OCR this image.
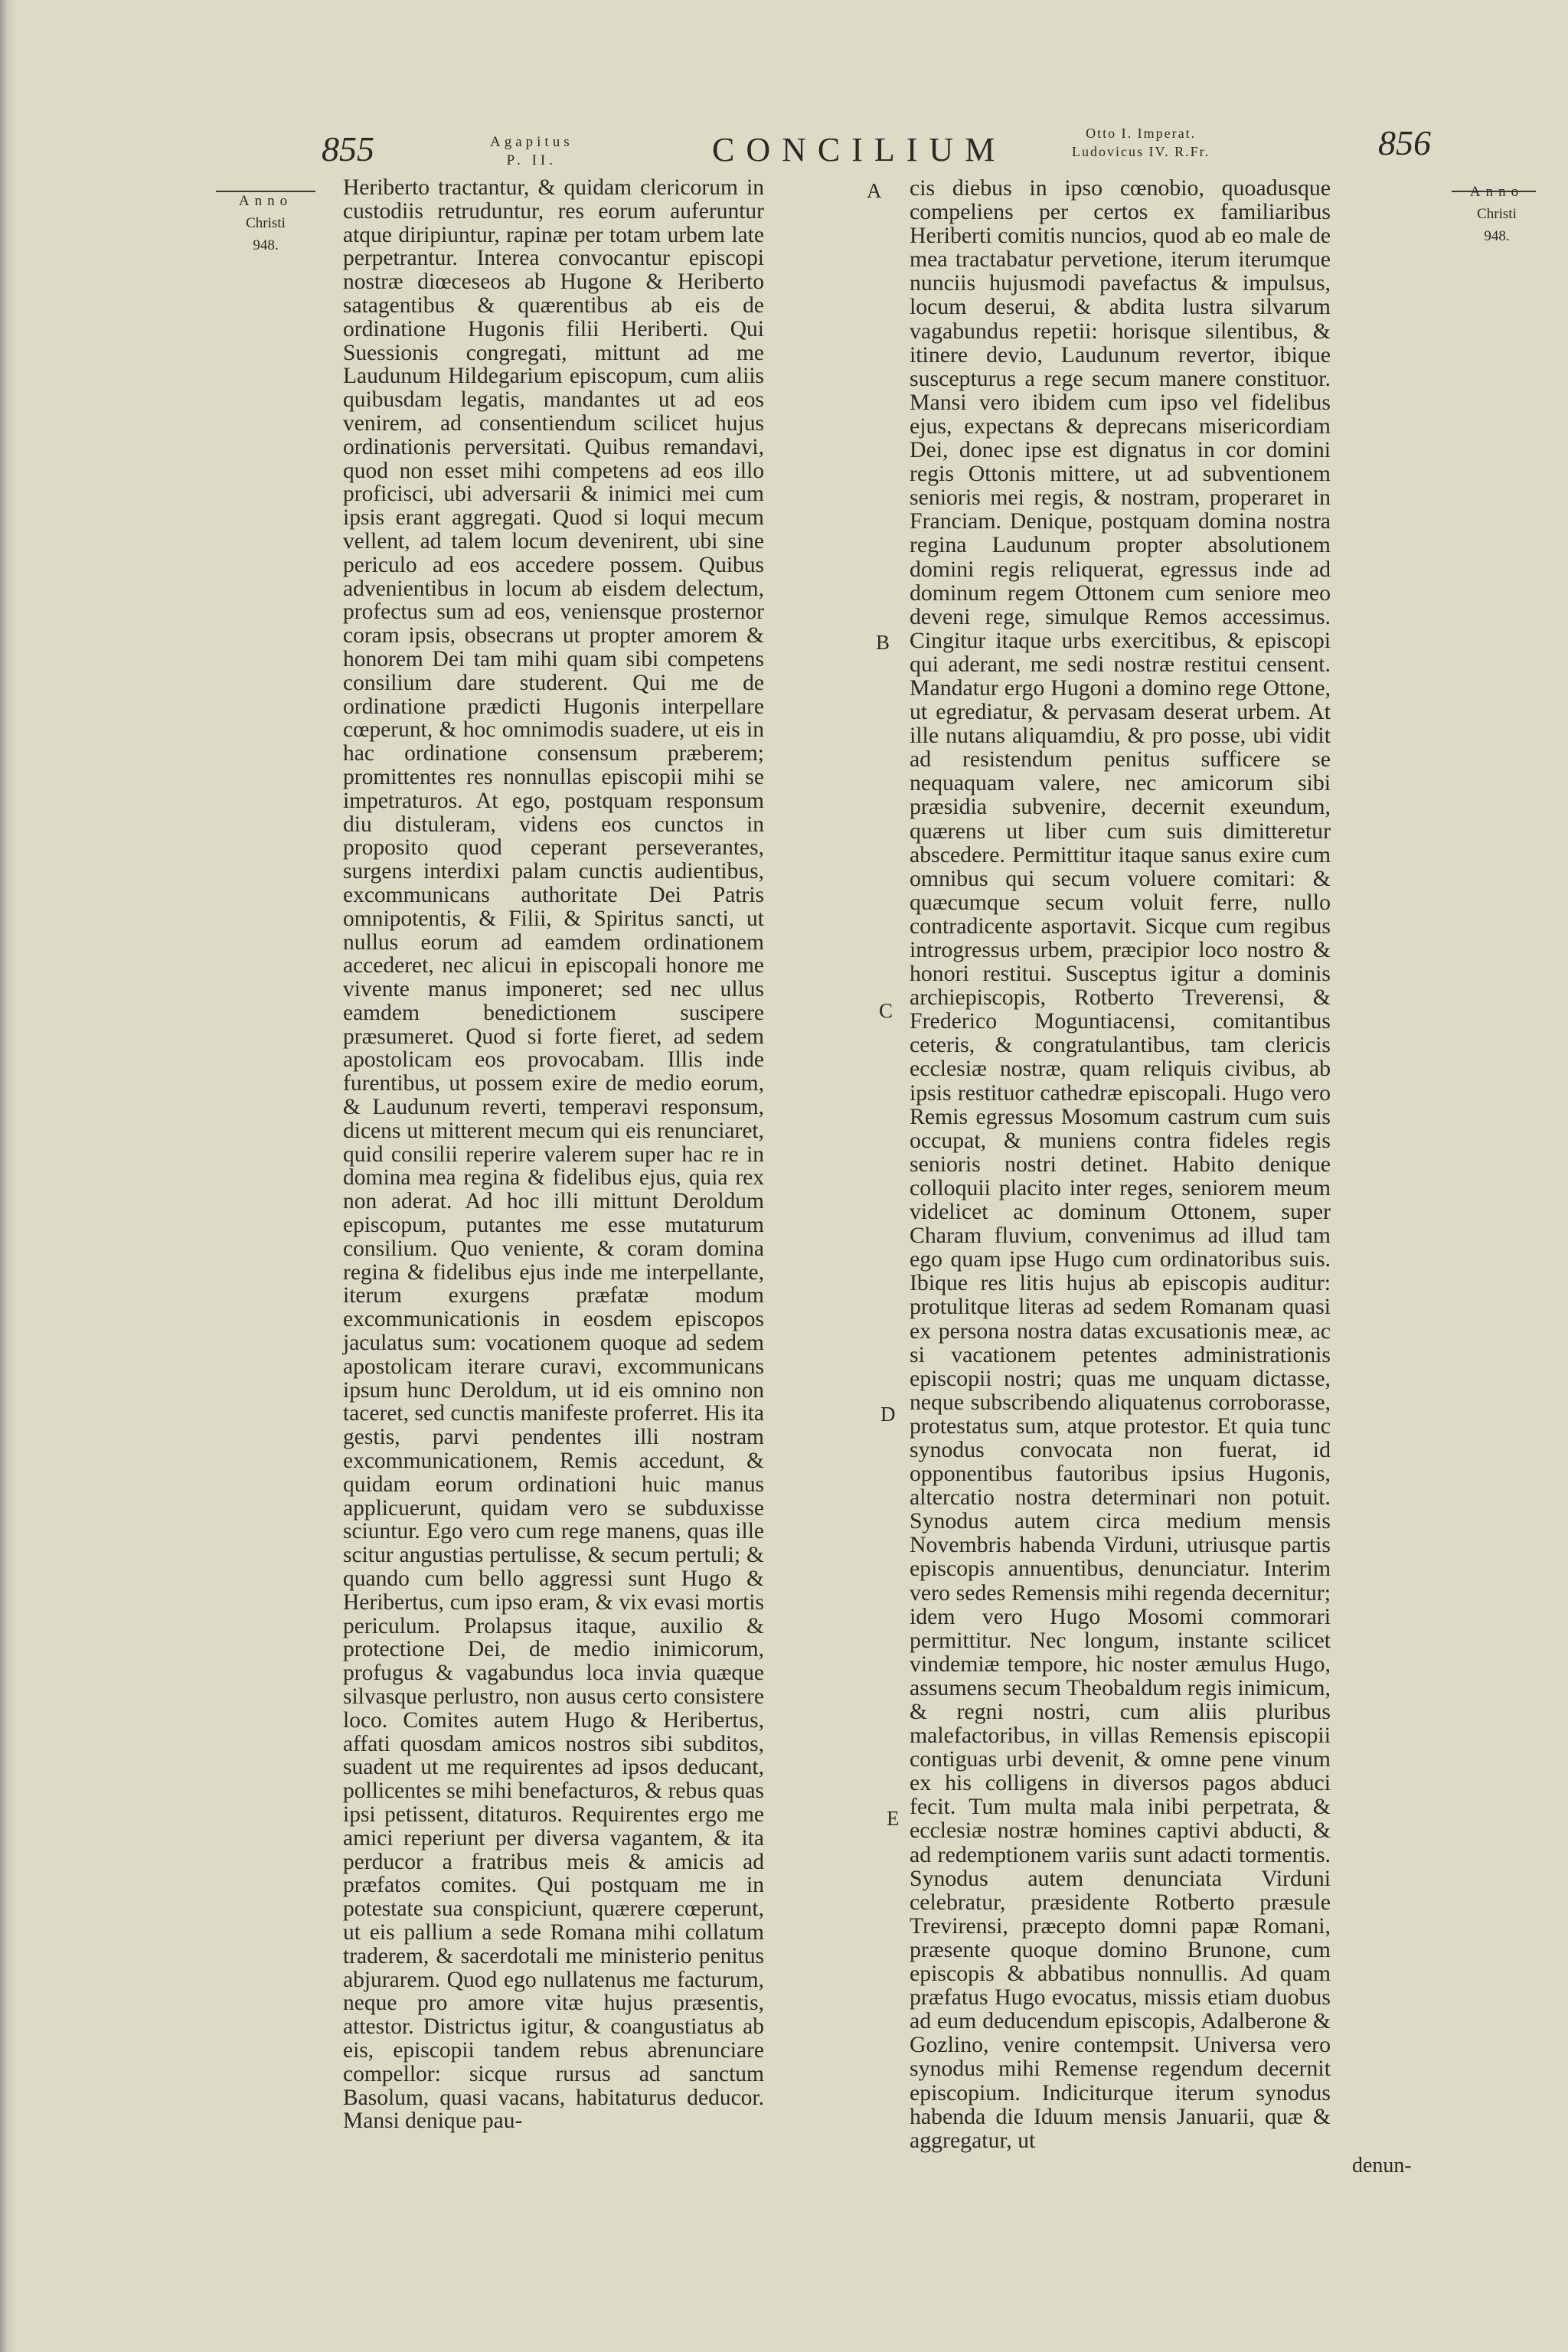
855	Agapitus
P. II.	CONCILIUM	Otto I. Imperat.
Ludovicus IV. R.Fr.	856
Anno
Christi
948.
Anno
Christi
948.

Heriberto tractantur, & quidam clericorum in custodiis retruduntur, res eorum auferuntur atque diripiuntur, rapinæ per totam urbem late perpetrantur. Interea convocantur episcopi nostræ diœceseos ab Hugone & Heriberto satagentibus & quærentibus ab eis de ordinatione Hugonis filii Heriberti. Qui Suessionis congregati, mittunt ad me Laudunum Hildegarium episcopum, cum aliis quibusdam legatis, mandantes ut ad eos venirem, ad consentiendum scilicet hujus ordinationis perversitati. Quibus remandavi, quod non esset mihi competens ad eos illo proficisci, ubi adversarii & inimici mei cum ipsis erant aggregati. Quod si loqui mecum vellent, ad talem locum devenirent, ubi sine periculo ad eos accedere possem. Quibus advenientibus in locum ab eisdem delectum, profectus sum ad eos, veniensque prosternor coram ipsis, obsecrans ut propter amorem & honorem Dei tam mihi quam sibi competens consilium dare studerent. Qui me de ordinatione prædicti Hugonis interpellare cœperunt, & hoc omnimodis suadere, ut eis in hac ordinatione consensum præberem; promittentes res nonnullas episcopii mihi se impetraturos. At ego, postquam responsum diu distuleram, videns eos cunctos in proposito quod ceperant perseverantes, surgens interdixi palam cunctis audientibus, excommunicans authoritate Dei Patris omnipotentis, & Filii, & Spiritus sancti, ut nullus eorum ad eamdem ordinationem accederet, nec alicui in episcopali honore me vivente manus imponeret; sed nec ullus eamdem benedictionem suscipere præsumeret. Quod si forte fieret, ad sedem apostolicam eos provocabam. Illis inde furentibus, ut possem exire de medio eorum, & Laudunum reverti, temperavi responsum, dicens ut mitterent mecum qui eis renunciaret, quid consilii reperire valerem super hac re in domina mea regina & fidelibus ejus, quia rex non aderat. Ad hoc illi mittunt Deroldum episcopum, putantes me esse mutaturum consilium. Quo veniente, & coram domina regina & fidelibus ejus inde me interpellante, iterum exurgens præfatæ modum excommunicationis in eosdem episcopos jaculatus sum: vocationem quoque ad sedem apostolicam iterare curavi, excommunicans ipsum hunc Deroldum, ut id eis omnino non taceret, sed cunctis manifeste proferret. His ita gestis, parvi pendentes illi nostram excommunicationem, Remis accedunt, & quidam eorum ordinationi huic manus applicuerunt, quidam vero se subduxisse sciuntur. Ego vero cum rege manens, quas ille scitur angustias pertulisse, & secum pertuli; & quando cum bello aggressi sunt Hugo & Heribertus, cum ipso eram, & vix evasi mortis periculum. Prolapsus itaque, auxilio & protectione Dei, de medio inimicorum, profugus & vagabundus loca invia quæque silvasque perlustro, non ausus certo consistere loco. Comites autem Hugo & Heribertus, affati quosdam amicos nostros sibi subditos, suadent ut me requirentes ad ipsos deducant, pollicentes se mihi benefacturos, & rebus quas ipsi petissent, ditaturos. Requirentes ergo me amici reperiunt per diversa vagantem, & ita perducor a fratribus meis & amicis ad præfatos comites. Qui postquam me in potestate sua conspiciunt, quærere cœperunt, ut eis pallium a sede Romana mihi collatum traderem, & sacerdotali me ministerio penitus abjurarem. Quod ego nullatenus me facturum, neque pro amore vitæ hujus præsentis, attestor. Districtus igitur, & coangustiatus ab eis, episcopii tandem rebus abrenunciare compellor: sicque rursus ad sanctum Basolum, quasi vacans, habitaturus deducor. Mansi denique pau-

A
B
C
D
E

cis diebus in ipso cœnobio, quoadusque compeliens per certos ex familiaribus Heriberti comitis nuncios, quod ab eo male de mea tractabatur pervetione, iterum iterumque nunciis hujusmodi pavefactus & impulsus, locum deserui, & abdita lustra silvarum vagabundus repetii: horisque silentibus, & itinere devio, Laudunum revertor, ibique suscepturus a rege secum manere constituor. Mansi vero ibidem cum ipso vel fidelibus ejus, expectans & deprecans misericordiam Dei, donec ipse est dignatus in cor domini regis Ottonis mittere, ut ad subventionem senioris mei regis, & nostram, properaret in Franciam. Denique, postquam domina nostra regina Laudunum propter absolutionem domini regis reliquerat, egressus inde ad dominum regem Ottonem cum seniore meo deveni rege, simulque Remos accessimus. Cingitur itaque urbs exercitibus, & episcopi qui aderant, me sedi nostræ restitui censent. Mandatur ergo Hugoni a domino rege Ottone, ut egrediatur, & pervasam deserat urbem. At ille nutans aliquamdiu, & pro posse, ubi vidit ad resistendum penitus sufficere se nequaquam valere, nec amicorum sibi præsidia subvenire, decernit exeundum, quærens ut liber cum suis dimitteretur abscedere. Permittitur itaque sanus exire cum omnibus qui secum voluere comitari: & quæcumque secum voluit ferre, nullo contradicente asportavit. Sicque cum regibus introgressus urbem, præcipior loco nostro & honori restitui. Susceptus igitur a dominis archiepiscopis, Rotberto Treverensi, & Frederico Moguntiacensi, comitantibus ceteris, & congratulantibus, tam clericis ecclesiæ nostræ, quam reliquis civibus, ab ipsis restituor cathedræ episcopali. Hugo vero Remis egressus Mosomum castrum cum suis occupat, & muniens contra fideles regis senioris nostri detinet. Habito denique colloquii placito inter reges, seniorem meum videlicet ac dominum Ottonem, super Charam fluvium, convenimus ad illud tam ego quam ipse Hugo cum ordinatoribus suis. Ibique res litis hujus ab episcopis auditur: protulitque literas ad sedem Romanam quasi ex persona nostra datas excusationis meæ, ac si vacationem petentes administrationis episcopii nostri; quas me unquam dictasse, neque subscribendo aliquatenus corroborasse, protestatus sum, atque protestor. Et quia tunc synodus convocata non fuerat, id opponentibus fautoribus ipsius Hugonis, altercatio nostra determinari non potuit. Synodus autem circa medium mensis Novembris habenda Virduni, utriusque partis episcopis annuentibus, denunciatur. Interim vero sedes Remensis mihi regenda decernitur; idem vero Hugo Mosomi commorari permittitur. Nec longum, instante scilicet vindemiæ tempore, hic noster æmulus Hugo, assumens secum Theobaldum regis inimicum, & regni nostri, cum aliis pluribus malefactoribus, in villas Remensis episcopii contiguas urbi devenit, & omne pene vinum ex his colligens in diversos pagos abduci fecit. Tum multa mala inibi perpetrata, & ecclesiæ nostræ homines captivi abducti, & ad redemptionem variis sunt adacti tormentis. Synodus autem denunciata Virduni celebratur, præsidente Rotberto præsule Trevirensi, præcepto domni papæ Romani, præsente quoque domino Brunone, cum episcopis & abbatibus nonnullis. Ad quam præfatus Hugo evocatus, missis etiam duobus ad eum deducendum episcopis, Adalberone & Gozlino, venire contempsit. Universa vero synodus mihi Remense regendum decernit episcopium. Indiciturque iterum synodus habenda die Iduum mensis Januarii, quæ & aggregatur, ut

denun-
